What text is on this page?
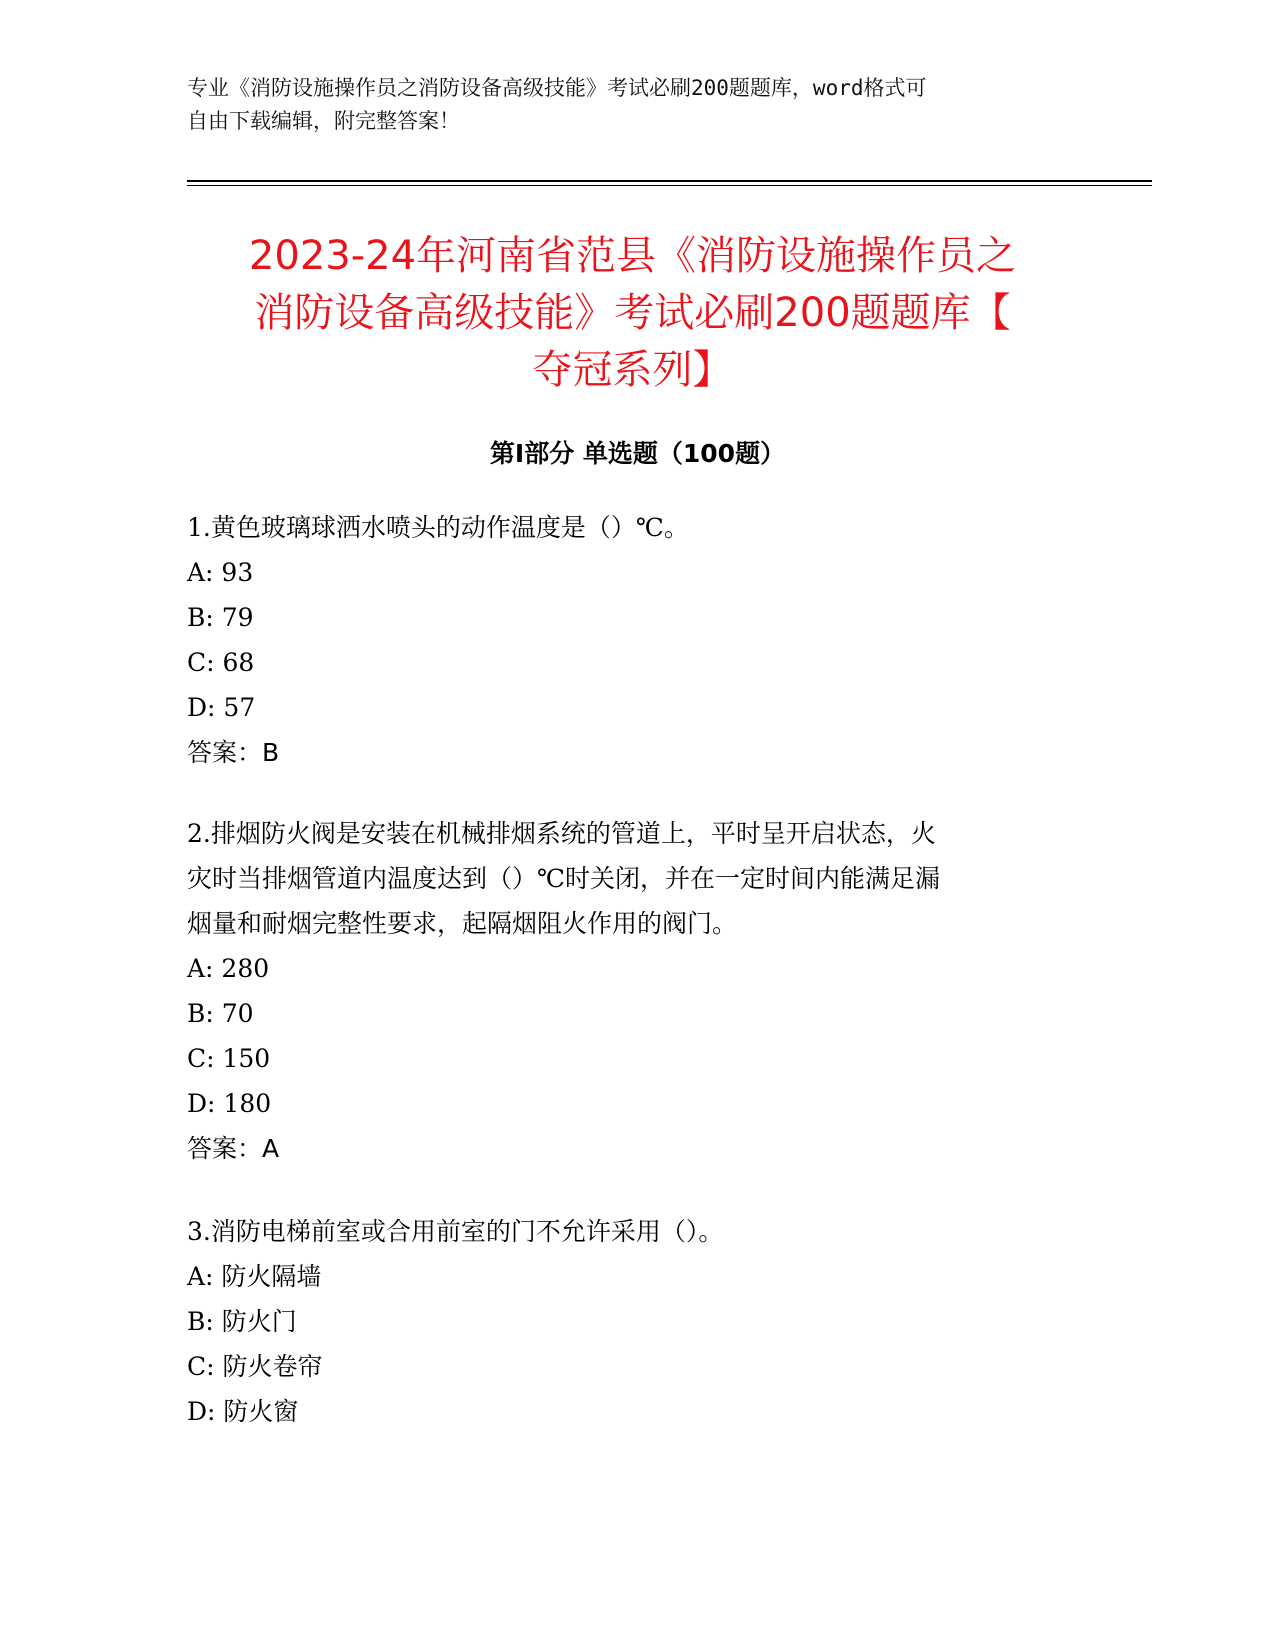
专业《消防设施操作员之消防设备高级技能》考试必刷200题题库，word格式可
自由下载编辑，附完整答案！
2023-24年河南省范县《消防设施操作员之
消防设备高级技能》考试必刷200题题库【
夺冠系列】
第Ⅰ部分 单选题（100题）

1.黄色玻璃球洒水喷头的动作温度是（）℃。

A: 93

B: 79

C: 68

D: 57

答案：B

2.排烟防火阀是安装在机械排烟系统的管道上，平时呈开启状态，火

灾时当排烟管道内温度达到（）℃时关闭，并在一定时间内能满足漏

烟量和耐烟完整性要求，起隔烟阻火作用的阀门。

A: 280

B: 70

C: 150

D: 180

答案：A

3.消防电梯前室或合用前室的门不允许采用（）。

A: 防火隔墙

B: 防火门

C: 防火卷帘

D: 防火窗
